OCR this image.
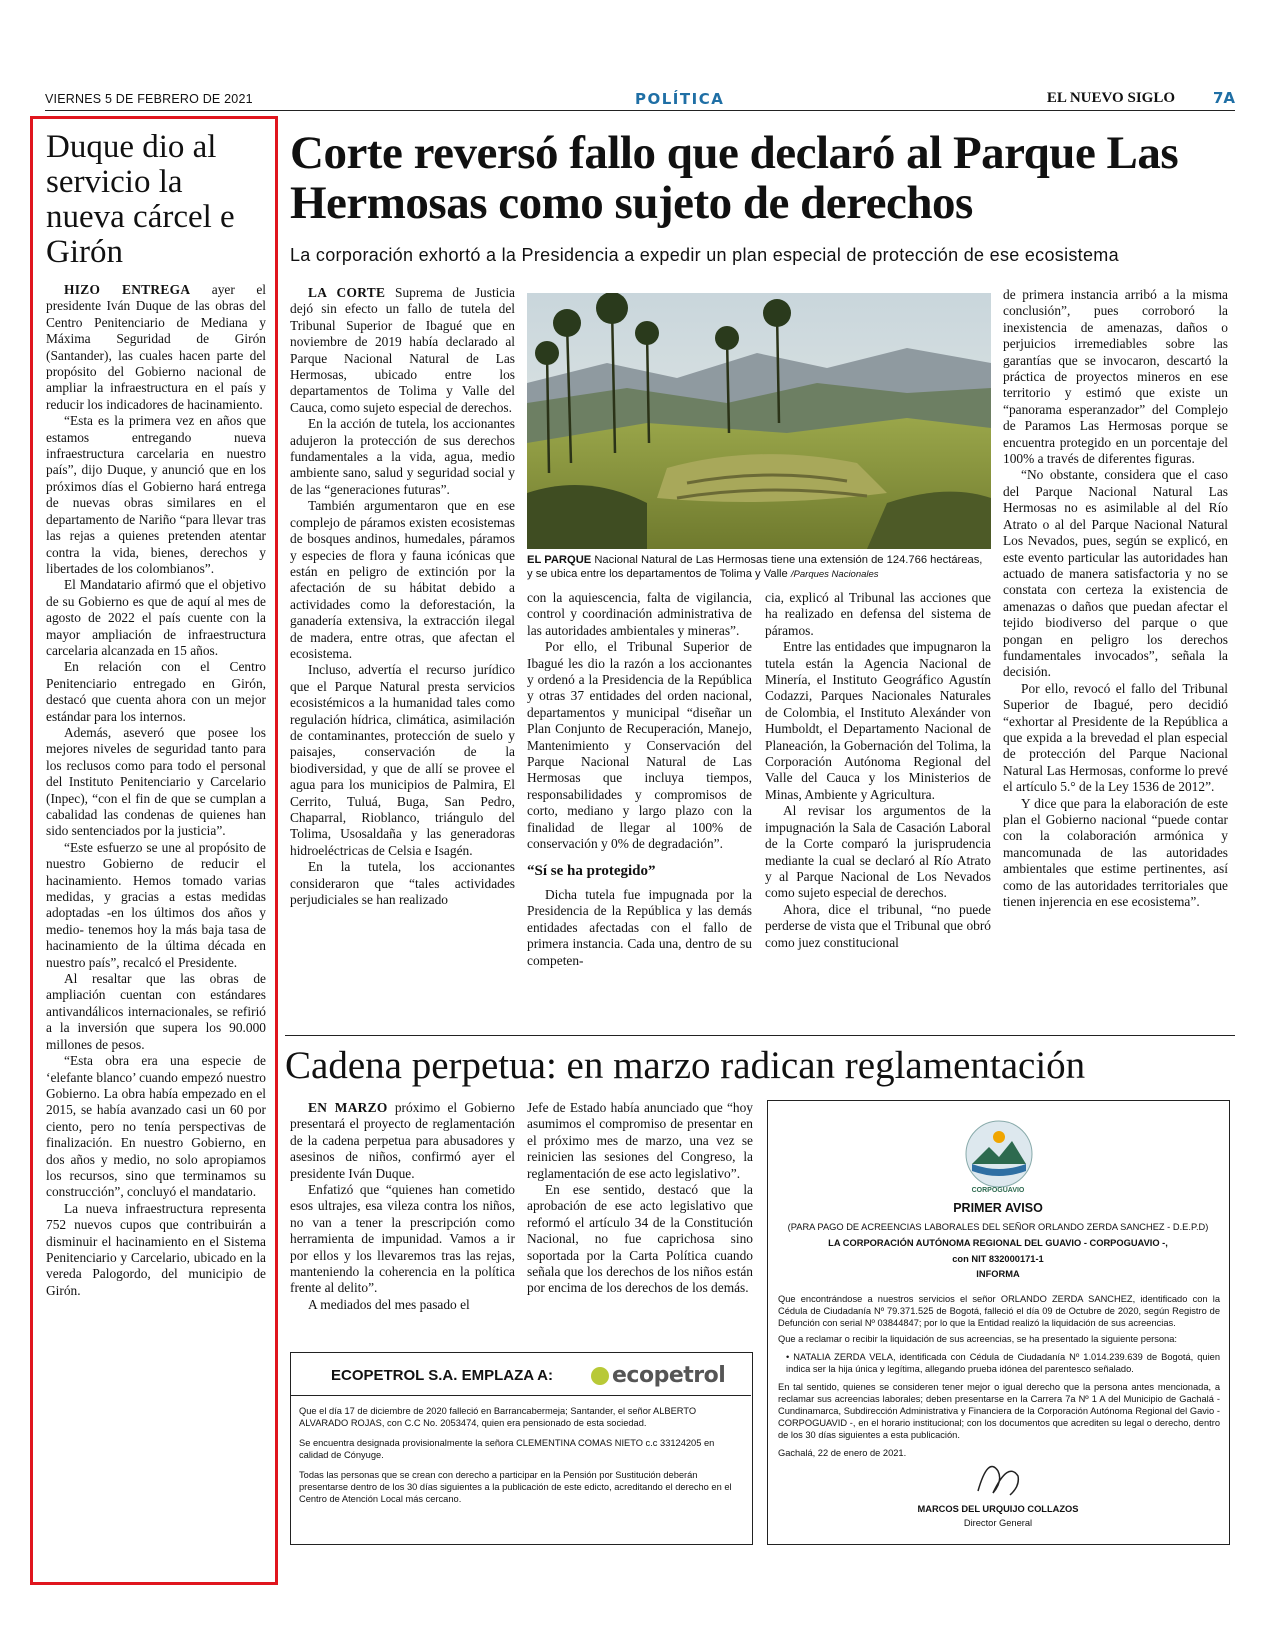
VIERNES 5 DE FEBRERO DE 2021	POLÍTICA	EL NUEVO SIGLO	7A
Duque dio al servicio la nueva cárcel e Girón

HIZO ENTREGA ayer el presidente Iván Duque de las obras del Centro Penitenciario de Mediana y Máxima Seguridad de Girón (Santander), las cuales hacen parte del propósito del Gobierno nacional de ampliar la infraestructura en el país y reducir los indicadores de hacinamiento.

“Esta es la primera vez en años que estamos entregando nueva infraestructura carcelaria en nuestro país”, dijo Duque, y anunció que en los próximos días el Gobierno hará entrega de nuevas obras similares en el departamento de Nariño “para llevar tras las rejas a quienes pretenden atentar contra la vida, bienes, derechos y libertades de los colombianos”.

El Mandatario afirmó que el objetivo de su Gobierno es que de aquí al mes de agosto de 2022 el país cuente con la mayor ampliación de infraestructura carcelaria alcanzada en 15 años.

En relación con el Centro Penitenciario entregado en Girón, destacó que cuenta ahora con un mejor estándar para los internos.

Además, aseveró que posee los mejores niveles de seguridad tanto para los reclusos como para todo el personal del Instituto Penitenciario y Carcelario (Inpec), “con el fin de que se cumplan a cabalidad las condenas de quienes han sido sentenciados por la justicia”.

“Este esfuerzo se une al propósito de nuestro Gobierno de reducir el hacinamiento. Hemos tomado varias medidas, y gracias a estas medidas adoptadas -en los últimos dos años y medio- tenemos hoy la más baja tasa de hacinamiento de la última década en nuestro país”, recalcó el Presidente.

Al resaltar que las obras de ampliación cuentan con estándares antivandálicos internacionales, se refirió a la inversión que supera los 90.000 millones de pesos.

“Esta obra era una especie de ‘elefante blanco’ cuando empezó nuestro Gobierno. La obra había empezado en el 2015, se había avanzado casi un 60 por ciento, pero no tenía perspectivas de finalización. En nuestro Gobierno, en dos años y medio, no solo apropiamos los recursos, sino que terminamos su construcción”, concluyó el mandatario.

La nueva infraestructura representa 752 nuevos cupos que contribuirán a disminuir el hacinamiento en el Sistema Penitenciario y Carcelario, ubicado en la vereda Palogordo, del municipio de Girón.

Corte reversó fallo que declaró al Parque Las Hermosas como sujeto de derechos
La corporación exhortó a la Presidencia a expedir un plan especial de protección de ese ecosistema

LA CORTE Suprema de Justicia dejó sin efecto un fallo de tutela del Tribunal Superior de Ibagué que en noviembre de 2019 había declarado al Parque Nacional Natural de Las Hermosas, ubicado entre los departamentos de Tolima y Valle del Cauca, como sujeto especial de derechos.

En la acción de tutela, los accionantes adujeron la protección de sus derechos fundamentales a la vida, agua, medio ambiente sano, salud y seguridad social y de las “generaciones futuras”.

También argumentaron que en ese complejo de páramos existen ecosistemas de bosques andinos, humedales, páramos y especies de flora y fauna icónicas que están en peligro de extinción por la afectación de su hábitat debido a actividades como la deforestación, la ganadería extensiva, la extracción ilegal de madera, entre otras, que afectan el ecosistema.

Incluso, advertía el recurso jurídico que el Parque Natural presta servicios ecosistémicos a la humanidad tales como regulación hídrica, climática, asimilación de contaminantes, protección de suelo y paisajes, conservación de la biodiversidad, y que de allí se provee el agua para los municipios de Palmira, El Cerrito, Tuluá, Buga, San Pedro, Chaparral, Rioblanco, triángulo del Tolima, Usosaldaña y las generadoras hidroeléctricas de Celsia e Isagén.

En la tutela, los accionantes consideraron que “tales actividades perjudiciales se han realizado

EL PARQUE Nacional Natural de Las Hermosas tiene una extensión de 124.766 hectáreas, y se ubica entre los departamentos de Tolima y Valle /Parques Nacionales

con la aquiescencia, falta de vigilancia, control y coordinación administrativa de las autoridades ambientales y mineras”.

Por ello, el Tribunal Superior de Ibagué les dio la razón a los accionantes y ordenó a la Presidencia de la República y otras 37 entidades del orden nacional, departamentos y municipal “diseñar un Plan Conjunto de Recuperación, Manejo, Mantenimiento y Conservación del Parque Nacional Natural de Las Hermosas que incluya tiempos, responsabilidades y compromisos de corto, mediano y largo plazo con la finalidad de llegar al 100% de conservación y 0% de degradación”.

“Sí se ha protegido”

Dicha tutela fue impugnada por la Presidencia de la República y las demás entidades afectadas con el fallo de primera instancia. Cada una, dentro de su competen-

cia, explicó al Tribunal las acciones que ha realizado en defensa del sistema de páramos.

Entre las entidades que impugnaron la tutela están la Agencia Nacional de Minería, el Instituto Geográfico Agustín Codazzi, Parques Nacionales Naturales de Colombia, el Instituto Alexánder von Humboldt, el Departamento Nacional de Planeación, la Gobernación del Tolima, la Corporación Autónoma Regional del Valle del Cauca y los Ministerios de Minas, Ambiente y Agricultura.

Al revisar los argumentos de la impugnación la Sala de Casación Laboral de la Corte comparó la jurisprudencia mediante la cual se declaró al Río Atrato y al Parque Nacional de Los Nevados como sujeto especial de derechos.

Ahora, dice el tribunal, “no puede perderse de vista que el Tribunal que obró como juez constitucional

de primera instancia arribó a la misma conclusión”, pues corroboró la inexistencia de amenazas, daños o perjuicios irremediables sobre las garantías que se invocaron, descartó la práctica de proyectos mineros en ese territorio y estimó que existe un “panorama esperanzador” del Complejo de Paramos Las Hermosas porque se encuentra protegido en un porcentaje del 100% a través de diferentes figuras.

“No obstante, considera que el caso del Parque Nacional Natural Las Hermosas no es asimilable al del Río Atrato o al del Parque Nacional Natural Los Nevados, pues, según se explicó, en este evento particular las autoridades han actuado de manera satisfactoria y no se constata con certeza la existencia de amenazas o daños que puedan afectar el tejido biodiverso del parque o que pongan en peligro los derechos fundamentales invocados”, señala la decisión.

Por ello, revocó el fallo del Tribunal Superior de Ibagué, pero decidió “exhortar al Presidente de la República a que expida a la brevedad el plan especial de protección del Parque Nacional Natural Las Hermosas, conforme lo prevé el artículo 5.° de la Ley 1536 de 2012”.

Y dice que para la elaboración de este plan el Gobierno nacional “puede contar con la colaboración armónica y mancomunada de las autoridades ambientales que estime pertinentes, así como de las autoridades territoriales que tienen injerencia en ese ecosistema”.

Cadena perpetua: en marzo radican reglamentación

EN MARZO próximo el Gobierno presentará el proyecto de reglamentación de la cadena perpetua para abusadores y asesinos de niños, confirmó ayer el presidente Iván Duque.

Enfatizó que “quienes han cometido esos ultrajes, esa vileza contra los niños, no van a tener la prescripción como herramienta de impunidad. Vamos a ir por ellos y los llevaremos tras las rejas, manteniendo la coherencia en la política frente al delito”.

A mediados del mes pasado el

Jefe de Estado había anunciado que “hoy asumimos el compromiso de presentar en el próximo mes de marzo, una vez se reinicien las sesiones del Congreso, la reglamentación de ese acto legislativo”.

En ese sentido, destacó que la aprobación de ese acto legislativo que reformó el artículo 34 de la Constitución Nacional, no fue caprichosa sino soportada por la Carta Política cuando señala que los derechos de los niños están por encima de los derechos de los demás.

ECOPETROL S.A. EMPLAZA A:	ecopetrol

Que el día 17 de diciembre de 2020 falleció en Barrancabermeja; Santander, el señor ALBERTO ALVARADO ROJAS, con C.C No. 2053474, quien era pensionado de esta sociedad.

Se encuentra designada provisionalmente la señora CLEMENTINA COMAS NIETO c.c 33124205 en calidad de Cónyuge.

Todas las personas que se crean con derecho a participar en la Pensión por Sustitución deberán presentarse dentro de los 30 días siguientes a la publicación de este edicto, acreditando el derecho en el Centro de Atención Local más cercano.

CORPOGUAVIO
PRIMER AVISO
(PARA PAGO DE ACREENCIAS LABORALES DEL SEÑOR ORLANDO ZERDA SANCHEZ - D.E.P.D)
LA CORPORACIÓN AUTÓNOMA REGIONAL DEL GUAVIO - CORPOGUAVIO -,
con NIT 832000171-1
INFORMA

Que encontrándose a nuestros servicios el señor ORLANDO ZERDA SANCHEZ, identificado con la Cédula de Ciudadanía Nº 79.371.525 de Bogotá, falleció el día 09 de Octubre de 2020, según Registro de Defunción con serial Nº 03844847; por lo que la Entidad realizó la liquidación de sus acreencias.

Que a reclamar o recibir la liquidación de sus acreencias, se ha presentado la siguiente persona:

• NATALIA ZERDA VELA, identificada con Cédula de Ciudadanía Nº 1.014.239.639 de Bogotá, quien indica ser la hija única y legítima, allegando prueba idónea del parentesco señalado.

En tal sentido, quienes se consideren tener mejor o igual derecho que la persona antes mencionada, a reclamar sus acreencias laborales; deben presentarse en la Carrera 7a Nº 1 A del Municipio de Gachalá - Cundinamarca, Subdirección Administrativa y Financiera de la Corporación Autónoma Regional del Gavio - CORPOGUAVID -, en el horario institucional; con los documentos que acrediten su legal o derecho, dentro de los 30 días siguientes a esta publicación.

Gachalá, 22 de enero de 2021.

MARCOS DEL URQUIJO COLLAZOS
Director General
